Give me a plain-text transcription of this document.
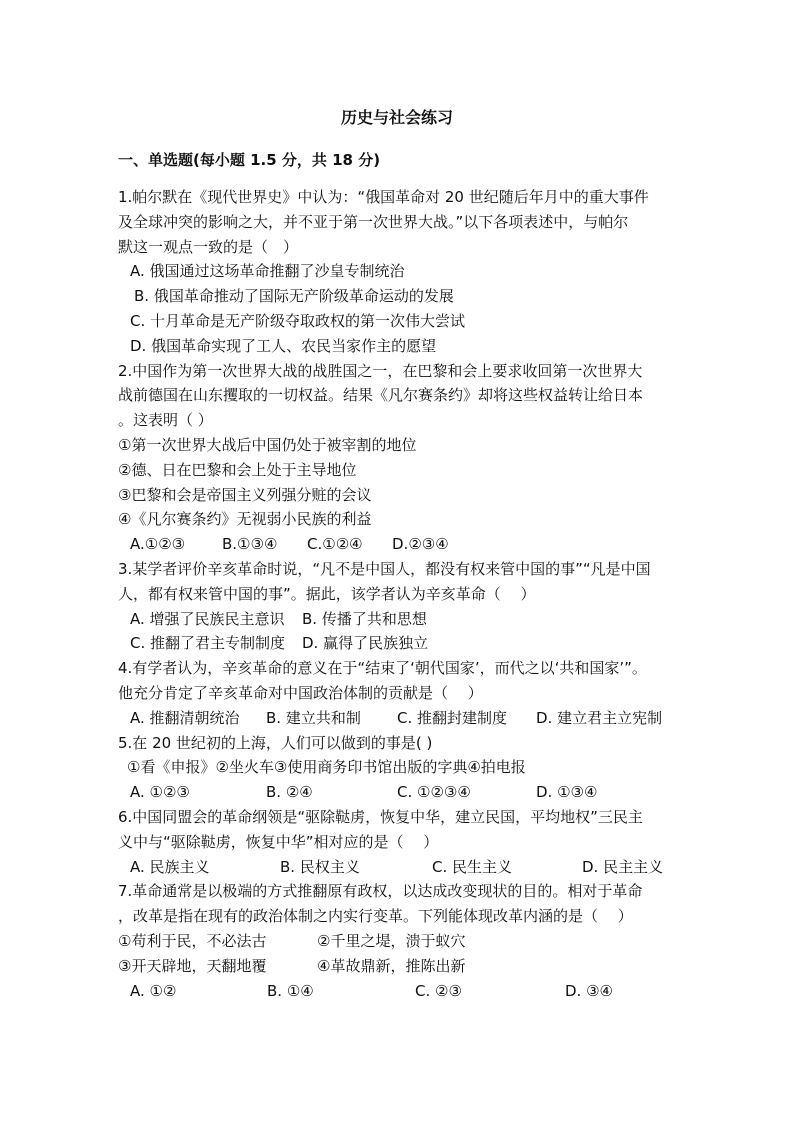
历史与社会练习
一、单选题(每小题 1.5 分，共 18 分)
1.帕尔默在《现代世界史》中认为：“俄国革命对 20 世纪随后年月中的重大事件
及全球冲突的影响之大，并不亚于第一次世界大战。”以下各项表述中，与帕尔
默这一观点一致的是（　）
A. 俄国通过这场革命推翻了沙皇专制统治
B. 俄国革命推动了国际无产阶级革命运动的发展
C. 十月革命是无产阶级夺取政权的第一次伟大尝试
D. 俄国革命实现了工人、农民当家作主的愿望
2.中国作为第一次世界大战的战胜国之一，在巴黎和会上要求收回第一次世界大
战前德国在山东攫取的一切权益。结果《凡尔赛条约》却将这些权益转让给日本
。这表明（ ）
①第一次世界大战后中国仍处于被宰割的地位
②德、日在巴黎和会上处于主导地位
③巴黎和会是帝国主义列强分赃的会议
④《凡尔赛条约》无视弱小民族的利益
A.①②③	B.①③④	C.①②④	D.②③④
3.某学者评价辛亥革命时说，“凡不是中国人，都没有权来管中国的事”“凡是中国
人，都有权来管中国的事”。据此，该学者认为辛亥革命（　 ）
A. 增强了民族民主意识	B. 传播了共和思想
C. 推翻了君主专制制度	D. 赢得了民族独立
4.有学者认为，辛亥革命的意义在于“结束了‘朝代国家’，而代之以‘共和国家’”。
他充分肯定了辛亥革命对中国政治体制的贡献是（　 ）
A. 推翻清朝统治	B. 建立共和制	C. 推翻封建制度	D. 建立君主立宪制
5.在 20 世纪初的上海，人们可以做到的事是( )
①看《申报》②坐火车③使用商务印书馆出版的字典④拍电报
A. ①②③	B. ②④	C. ①②③④	D. ①③④
6.中国同盟会的革命纲领是“驱除鞑虏，恢复中华，建立民国，平均地权”三民主
义中与“驱除鞑虏，恢复中华”相对应的是（　 ）
A. 民族主义	B. 民权主义	C. 民生主义	D. 民主主义
7.革命通常是以极端的方式推翻原有政权，以达成改变现状的目的。相对于革命
，改革是指在现有的政治体制之内实行变革。下列能体现改革内涵的是（　 ）
①苟利于民，不必法古	②千里之堤，溃于蚁穴
③开天辟地，天翻地覆	④革故鼎新，推陈出新
A. ①②	B. ①④	C. ②③	D. ③④
